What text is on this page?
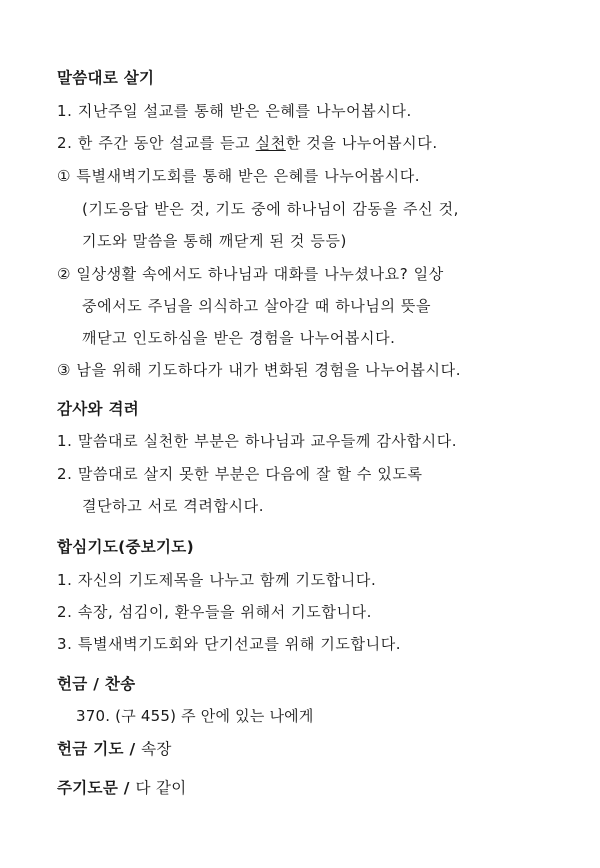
말씀대로 살기
1. 지난주일 설교를 통해 받은 은혜를 나누어봅시다.
2. 한 주간 동안 설교를 듣고 실천한 것을 나누어봅시다.
① 특별새벽기도회를 통해 받은 은혜를 나누어봅시다.
(기도응답 받은 것, 기도 중에 하나님이 감동을 주신 것,
기도와 말씀을 통해 깨닫게 된 것 등등)
② 일상생활 속에서도 하나님과 대화를 나누셨나요? 일상
중에서도 주님을 의식하고 살아갈 때 하나님의 뜻을
깨닫고 인도하심을 받은 경험을 나누어봅시다.
③ 남을 위해 기도하다가 내가 변화된 경험을 나누어봅시다.
감사와 격려
1. 말씀대로 실천한 부분은 하나님과 교우들께 감사합시다.
2. 말씀대로 살지 못한 부분은 다음에 잘 할 수 있도록
결단하고 서로 격려합시다.
합심기도(중보기도)
1. 자신의 기도제목을 나누고 함께 기도합니다.
2. 속장, 섬김이, 환우들을 위해서 기도합니다.
3. 특별새벽기도회와 단기선교를 위해 기도합니다.
헌금 / 찬송
370. (구 455) 주 안에 있는 나에게
헌금 기도 / 속장
주기도문 / 다 같이
